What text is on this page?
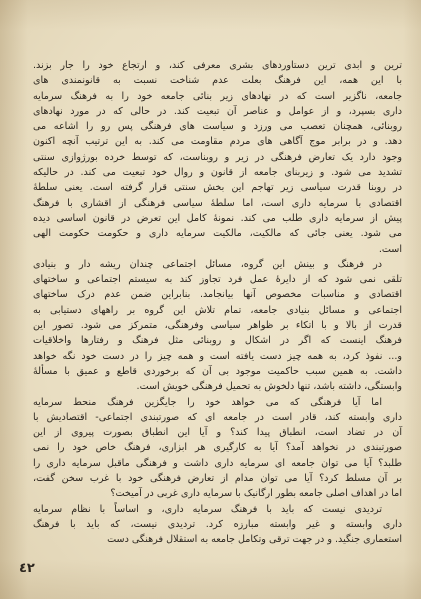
ترین و ابدی ترین دستاوردهای بشری معرفی کند، و ارتجاع خود را جار بزند.
با این همه، این فرهنگ بعلت عدم شناخت نسبت به قانونمندی های
جامعه، ناگزیر است که در نهادهای زیر بنائی جامعه خود را به فرهنگ سرمایه
داری بسپرد، و از عوامل و عناصر آن تبعیت کند. در حالی که در مورد نهادهای
روبنائی، همچنان تعصب می ورزد و سیاست های فرهنگی پس رو را اشاعه می
دهد. و در برابر موج آگاهی های مردم مقاومت می کند. به این ترتیب آنچه اکنون
وجود دارد یک تعارض فرهنگی در زیر و روبناست، که توسط خرده بورژوازی سنتی
تشدید می شود. و زیربنای جامعه از قانون و روال خود تبعیت می کند. در حالیکه
در روبنا قدرت سیاسی زیر تهاجم این بخش سنتی قرار گرفته است. یعنی سلطهٔ
اقتصادی با سرمایه داری است، اما سلطهٔ سیاسی فرهنگی از اقشاری با فرهنگ
پیش از سرمایه داری طلب می کند. نمونهٔ کامل این تعرض در قانون اساسی دیده
می شود. یعنی جائی که مالکیت، مالکیت سرمایه داری و حکومت حکومت الهی
است.
در فرهنگ و بینش این گروه، مسائل اجتماعی چندان ریشه دار و بنیادی
تلقی نمی شود که از دایرهٔ عمل فرد تجاوز کند به سیستم اجتماعی و ساختهای
اقتصادی و مناسبات مخصوص آنها بیانجامد. بنابراین ضمن عدم درک ساختهای
اجتماعی و مسائل بنیادی جامعه، تمام تلاش این گروه بر راههای دستیابی به
قدرت از بالا و با اتکاء بر ظواهر سیاسی وفرهنگی، متمرکز می شود. تصور این
فرهنگ اینست که اگر در اشکال و روبنائی مثل فرهنگ و رفتارها واخلاقیات
و... نفوذ کرد، به همه چیز دست یافته است و همه چیز را در دست خود نگه خواهد
داشت. به همین سبب حاکمیت موجود بی آن که برخوردی قاطع و عمیق با مسألهٔ
وابستگی، داشته باشد، تنها دلخوش به تحمیل فرهنگی خویش است.
اما آیا فرهنگی که می خواهد خود را جایگزین فرهنگ منحط سرمایه
داری وابسته کند، قادر است در جامعه ای که صورتبندی اجتماعی- اقتصادیش با
آن در تضاد است، انطباق پیدا کند؟ و آیا این انطباق بصورت پیروی از این
صورتبندی در نخواهد آمد؟ آیا به کارگیری هر ابزاری، فرهنگ خاص خود را نمی
طلبد؟ آیا می توان جامعه ای سرمایه داری داشت و فرهنگی ماقبل سرمایه داری را
بر آن مسلط کرد؟ آیا می توان مدام از تعارض فرهنگی خود با غرب سخن گفت،
اما در اهداف اصلی جامعه بطور ارگانیک با سرمایه داری غربی در آمیخت؟
تردیدی نیست که باید با فرهنگ سرمایه داری، و اساساً با نظام سرمایه
داری وابسته و غیر وابسته مبارزه کرد. تردیدی نیست، که باید با فرهنگ
استعماری جنگید. و در جهت ترقی وتکامل جامعه به استقلال فرهنگی دست
٤٢
